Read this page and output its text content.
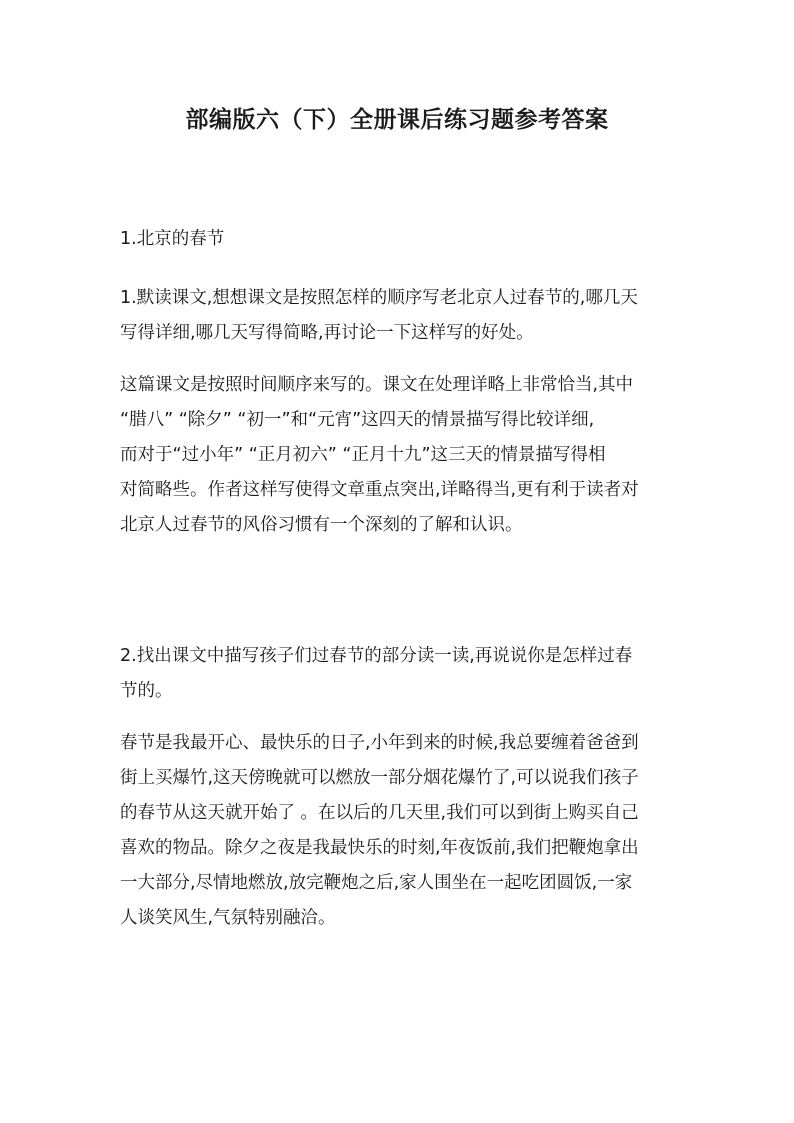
部编版六（下）全册课后练习题参考答案

1.北京的春节

1.默读课文,想想课文是按照怎样的顺序写老北京人过春节的,哪几天
写得详细,哪几天写得简略,再讨论一下这样写的好处。

这篇课文是按照时间顺序来写的。课文在处理详略上非常恰当,其中
“腊八” “除夕” “初一”和“元宵”这四天的情景描写得比较详细,
而对于“过小年” “正月初六” “正月十九”这三天的情景描写得相
对简略些。作者这样写使得文章重点突出,详略得当,更有利于读者对
北京人过春节的风俗习惯有一个深刻的了解和认识。

2.找出课文中描写孩子们过春节的部分读一读,再说说你是怎样过春
节的。

春节是我最开心、最快乐的日子,小年到来的时候,我总要缠着爸爸到
街上买爆竹,这天傍晚就可以燃放一部分烟花爆竹了,可以说我们孩子
的春节从这天就开始了 。在以后的几天里,我们可以到街上购买自己
喜欢的物品。除夕之夜是我最快乐的时刻,年夜饭前,我们把鞭炮拿出
一大部分,尽情地燃放,放完鞭炮之后,家人围坐在一起吃团圆饭,一家
人谈笑风生,气氛特别融洽。
